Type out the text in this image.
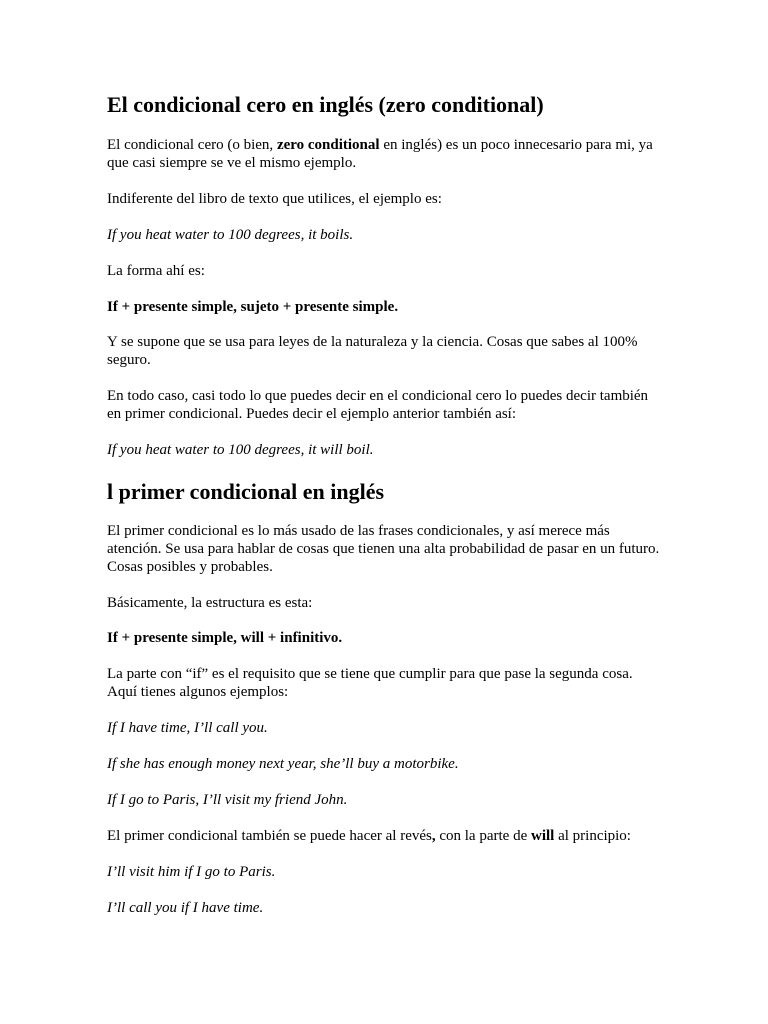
El condicional cero en inglés (zero conditional)

El condicional cero (o bien, zero conditional en inglés) es un poco innecesario para mi, ya
que casi siempre se ve el mismo ejemplo.

Indiferente del libro de texto que utilices, el ejemplo es:

If you heat water to 100 degrees, it boils.

La forma ahí es:

If + presente simple, sujeto + presente simple.

Y se supone que se usa para leyes de la naturaleza y la ciencia. Cosas que sabes al 100%
seguro.

En todo caso, casi todo lo que puedes decir en el condicional cero lo puedes decir también
en primer condicional. Puedes decir el ejemplo anterior también así:

If you heat water to 100 degrees, it will boil.

l primer condicional en inglés

El primer condicional es lo más usado de las frases condicionales, y así merece más
atención. Se usa para hablar de cosas que tienen una alta probabilidad de pasar en un futuro.
Cosas posibles y probables.

Básicamente, la estructura es esta:

If + presente simple, will + infinitivo.

La parte con “if” es el requisito que se tiene que cumplir para que pase la segunda cosa.
Aquí tienes algunos ejemplos:

If I have time, I’ll call you.

If she has enough money next year, she’ll buy a motorbike.

If I go to Paris, I’ll visit my friend John.

El primer condicional también se puede hacer al revés, con la parte de will al principio:

I’ll visit him if I go to Paris.

I’ll call you if I have time.
